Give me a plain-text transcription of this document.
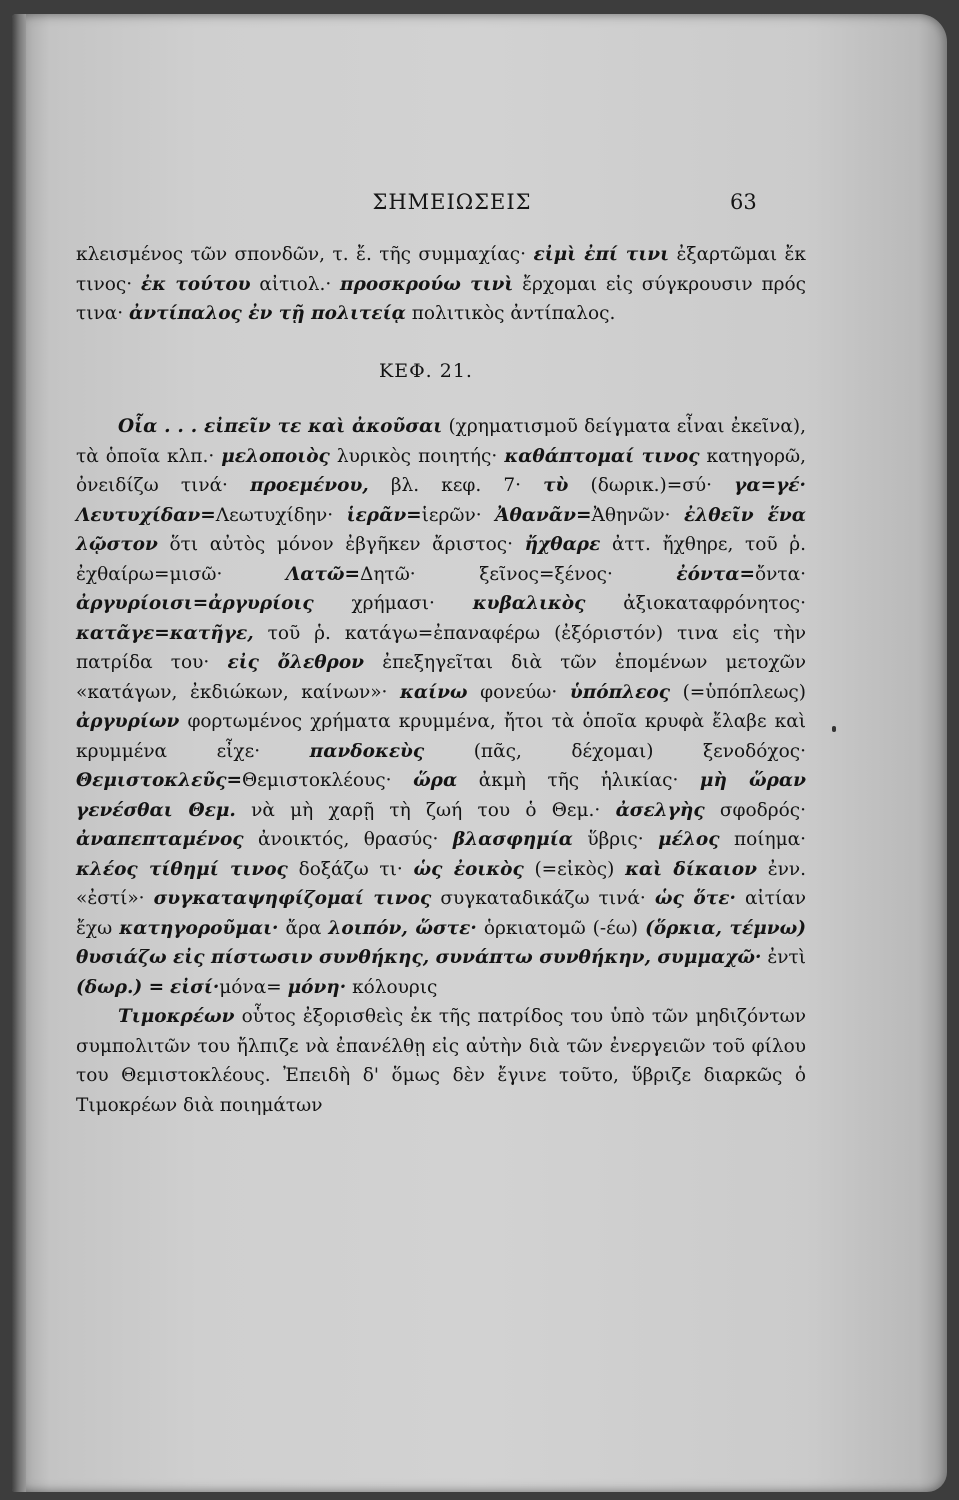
ΣΗΜΕΙΩΣΕΙΣ	63

κλεισμένος τῶν σπονδῶν, τ. ἔ. τῆς συμμαχίας· εἰμὶ ἐπί τινι ἐξαρτῶμαι ἔκ τινος· ἐκ τούτου αἰτιολ.· προσκρούω τινὶ ἔρχομαι εἰς σύγκρουσιν πρός τινα· ἀντίπαλος ἐν τῇ πολιτείᾳ πολιτικὸς ἀντίπαλος.

ΚΕΦ. 21.

Οἷα . . . εἰπεῖν τε καὶ ἀκοῦσαι (χρηματισμοῦ δείγματα εἶναι ἐκεῖνα), τὰ ὁποῖα κλπ.· μελοποιὸς λυρικὸς ποιητής· καθάπτομαί τινος κατηγορῶ, ὀνειδίζω τινά· προεμένου, βλ. κεφ. 7· τὺ (δωρικ.)=σύ· γα=γέ· Λευτυχίδαν=Λεωτυχίδην· ἱερᾶν=ἱερῶν· Ἀθανᾶν=Ἀθηνῶν· ἐλθεῖν ἕνα λῷστον ὅτι αὐτὸς μόνον ἐβγῆκεν ἄριστος· ἤχθαρε ἀττ. ἤχθηρε, τοῦ ῥ. ἐχθαίρω=μισῶ·	Λατῶ=Δητῶ·	ξεῖνος=ξένος·	ἐόντα=ὄντα· ἀργυρίοισι=ἀργυρίοις χρήμασι· κυβαλικὸς ἀξιοκαταφρόνητος· κατᾶγε=κατῆγε, τοῦ ῥ. κατάγω=ἐπαναφέρω (ἐξόριστόν) τινα εἰς τὴν πατρίδα του· εἰς ὄλεθρον ἐπεξηγεῖται διὰ τῶν ἑπομένων μετοχῶν «κατάγων, ἐκδιώκων, καίνων»· καίνω φονεύω· ὑπόπλεος (=ὑπόπλεως) ἀργυρίων φορτωμένος χρήματα κρυμμένα, ἤτοι τὰ ὁποῖα κρυφὰ ἔλαβε καὶ κρυμμένα εἶχε·	πανδοκεὺς	(πᾶς, δέχομαι) ξενοδόχος· Θεμιστοκλεῦς=Θεμιστοκλέους· ὥρα ἀκμὴ τῆς ἡλικίας· μὴ ὥραν γενέσθαι Θεμ. νὰ μὴ χαρῇ τὴ ζωή του ὁ Θεμ.· ἀσελγὴς σφοδρός· ἀναπεπταμένος ἀνοικτός, θρασύς· βλασφημία ὕβρις· μέλος ποίημα· κλέος τίθημί τινος δοξάζω τι· ὡς ἐοικὸς (=εἰκὸς) καὶ δίκαιον ἐνν. «ἐστί»· συγκαταψηφίζομαί τινος συγκαταδικάζω τινά· ὡς ὅτε· αἰτίαν ἔχω κατηγοροῦμαι· ἄρα λοιπόν, ὥστε· ὁρκιατομῶ (-έω) (ὅρκια, τέμνω) θυσιάζω εἰς πίστωσιν συνθήκης, συνάπτω συνθήκην, συμμαχῶ· ἐντὶ (δωρ.) = εἰσί·μόνα= μόνη· κόλουρις

Τιμοκρέων οὗτος ἐξορισθεὶς ἐκ τῆς πατρίδος του ὑπὸ τῶν μηδιζόντων συμπολιτῶν του ἤλπιζε νὰ ἐπανέλθῃ εἰς αὐτὴν διὰ τῶν ἐνεργειῶν τοῦ φίλου του Θεμιστοκλέους. Ἐπειδὴ δ' ὅμως δὲν ἔγινε τοῦτο, ὕβριζε διαρκῶς ὁ Τιμοκρέων διὰ ποιημάτων
